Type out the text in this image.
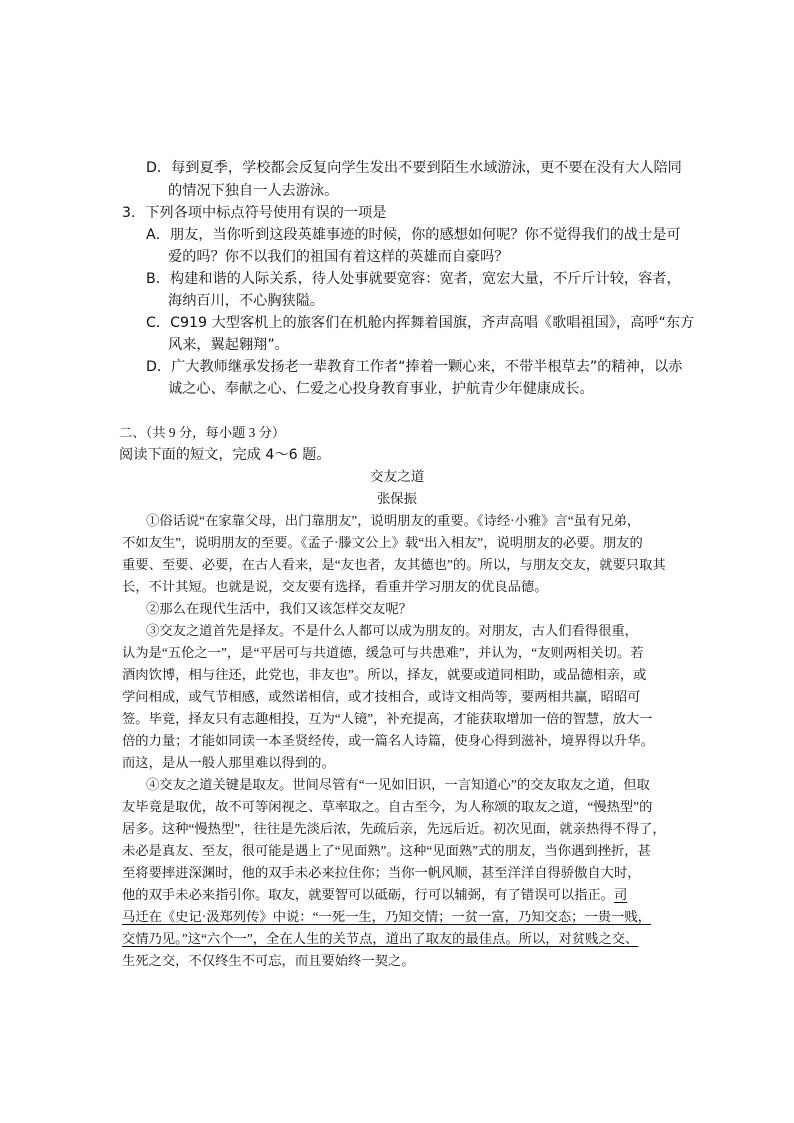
D．每到夏季，学校都会反复向学生发出不要到陌生水域游泳，更不要在没有大人陪同
的情况下独自一人去游泳。
3．下列各项中标点符号使用有误的一项是
A．朋友，当你听到这段英雄事迹的时候，你的感想如何呢？你不觉得我们的战士是可
爱的吗？你不以我们的祖国有着这样的英雄而自豪吗？
B．构建和谐的人际关系，待人处事就要宽容：宽者，宽宏大量，不斤斤计较，容者，
海纳百川，不心胸狭隘。
C．C919 大型客机上的旅客们在机舱内挥舞着国旗，齐声高唱《歌唱祖国》，高呼“东方
风来，翼起翱翔”。
D．广大教师继承发扬老一辈教育工作者“捧着一颗心来，不带半根草去”的精神，以赤
诚之心、奉献之心、仁爱之心投身教育事业，护航青少年健康成长。
二、（共 9 分，每小题 3 分）
阅读下面的短文，完成 4～6 题。
交友之道
张保振
①俗话说“在家靠父母，出门靠朋友”，说明朋友的重要。《诗经·小雅》言“虽有兄弟，
不如友生”，说明朋友的至要。《孟子·滕文公上》载“出入相友”，说明朋友的必要。朋友的
重要、至要、必要，在古人看来，是“友也者，友其德也”的。所以，与朋友交友，就要只取其
长，不计其短。也就是说，交友要有选择，看重并学习朋友的优良品德。
②那么在现代生活中，我们又该怎样交友呢？
③交友之道首先是择友。不是什么人都可以成为朋友的。对朋友，古人们看得很重，
认为是“五伦之一”，是“平居可与共道德，缓急可与共患难”，并认为，“友则两相关切。若
酒肉饮博，相与往还，此党也，非友也”。所以，择友，就要或道同相助，或品德相亲，或
学问相成，或气节相感，或然诺相信，或才技相合，或诗文相尚等，要两相共赢，昭昭可
签。毕竟，择友只有志趣相投，互为“人镜”，补充提高，才能获取增加一倍的智慧，放大一
倍的力量；才能如同读一本圣贤经传，或一篇名人诗篇，使身心得到滋补，境界得以升华。
而这，是从一般人那里难以得到的。
④交友之道关键是取友。世间尽管有“一见如旧识，一言知道心”的交友取友之道，但取
友毕竟是取优，故不可等闲视之、草率取之。自古至今，为人称颂的取友之道，“慢热型”的
居多。这种“慢热型”，往往是先淡后浓，先疏后亲，先远后近。初次见面，就亲热得不得了，
未必是真友、至友，很可能是遇上了“见面熟”。这种“见面熟”式的朋友，当你遇到挫折，甚
至将要摔进深渊时，他的双手未必来拉住你；当你一帆风顺，甚至洋洋自得骄傲自大时，
他的双手未必来指引你。取友，就要智可以砥砺，行可以辅弼，有了错误可以指正。司
马迁在《史记·汲郑列传》中说：“一死一生，乃知交情；一贫一富，乃知交态；一贵一贱，
交情乃见。”这“六个一”，全在人生的关节点，道出了取友的最佳点。所以，对贫贱之交、
生死之交，不仅终生不可忘，而且要始终一契之。
